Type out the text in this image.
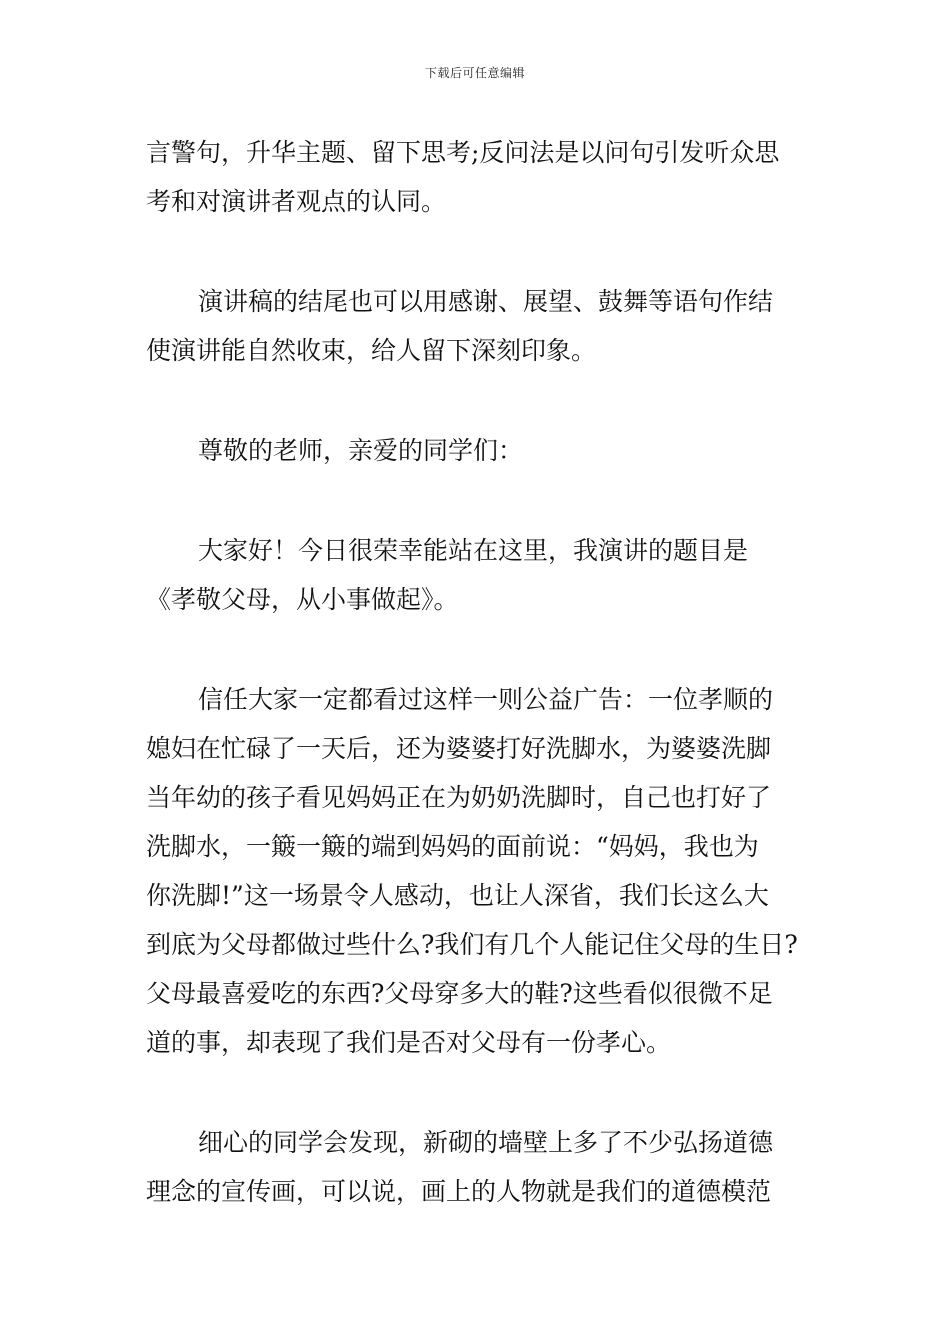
下载后可任意编辑
言警句，升华主题、留下思考;反问法是以问句引发听众思
考和对演讲者观点的认同。
演讲稿的结尾也可以用感谢、展望、鼓舞等语句作结
使演讲能自然收束，给人留下深刻印象。
尊敬的老师，亲爱的同学们：
大家好！今日很荣幸能站在这里，我演讲的题目是
《孝敬父母，从小事做起》。
信任大家一定都看过这样一则公益广告：一位孝顺的
媳妇在忙碌了一天后，还为婆婆打好洗脚水，为婆婆洗脚
当年幼的孩子看见妈妈正在为奶奶洗脚时，自己也打好了
洗脚水，一簸一簸的端到妈妈的面前说：“妈妈，我也为
你洗脚!”这一场景令人感动，也让人深省，我们长这么大
到底为父母都做过些什么?我们有几个人能记住父母的生日?
父母最喜爱吃的东西?父母穿多大的鞋?这些看似很微不足
道的事，却表现了我们是否对父母有一份孝心。
细心的同学会发现，新砌的墙壁上多了不少弘扬道德
理念的宣传画，可以说，画上的人物就是我们的道德模范
